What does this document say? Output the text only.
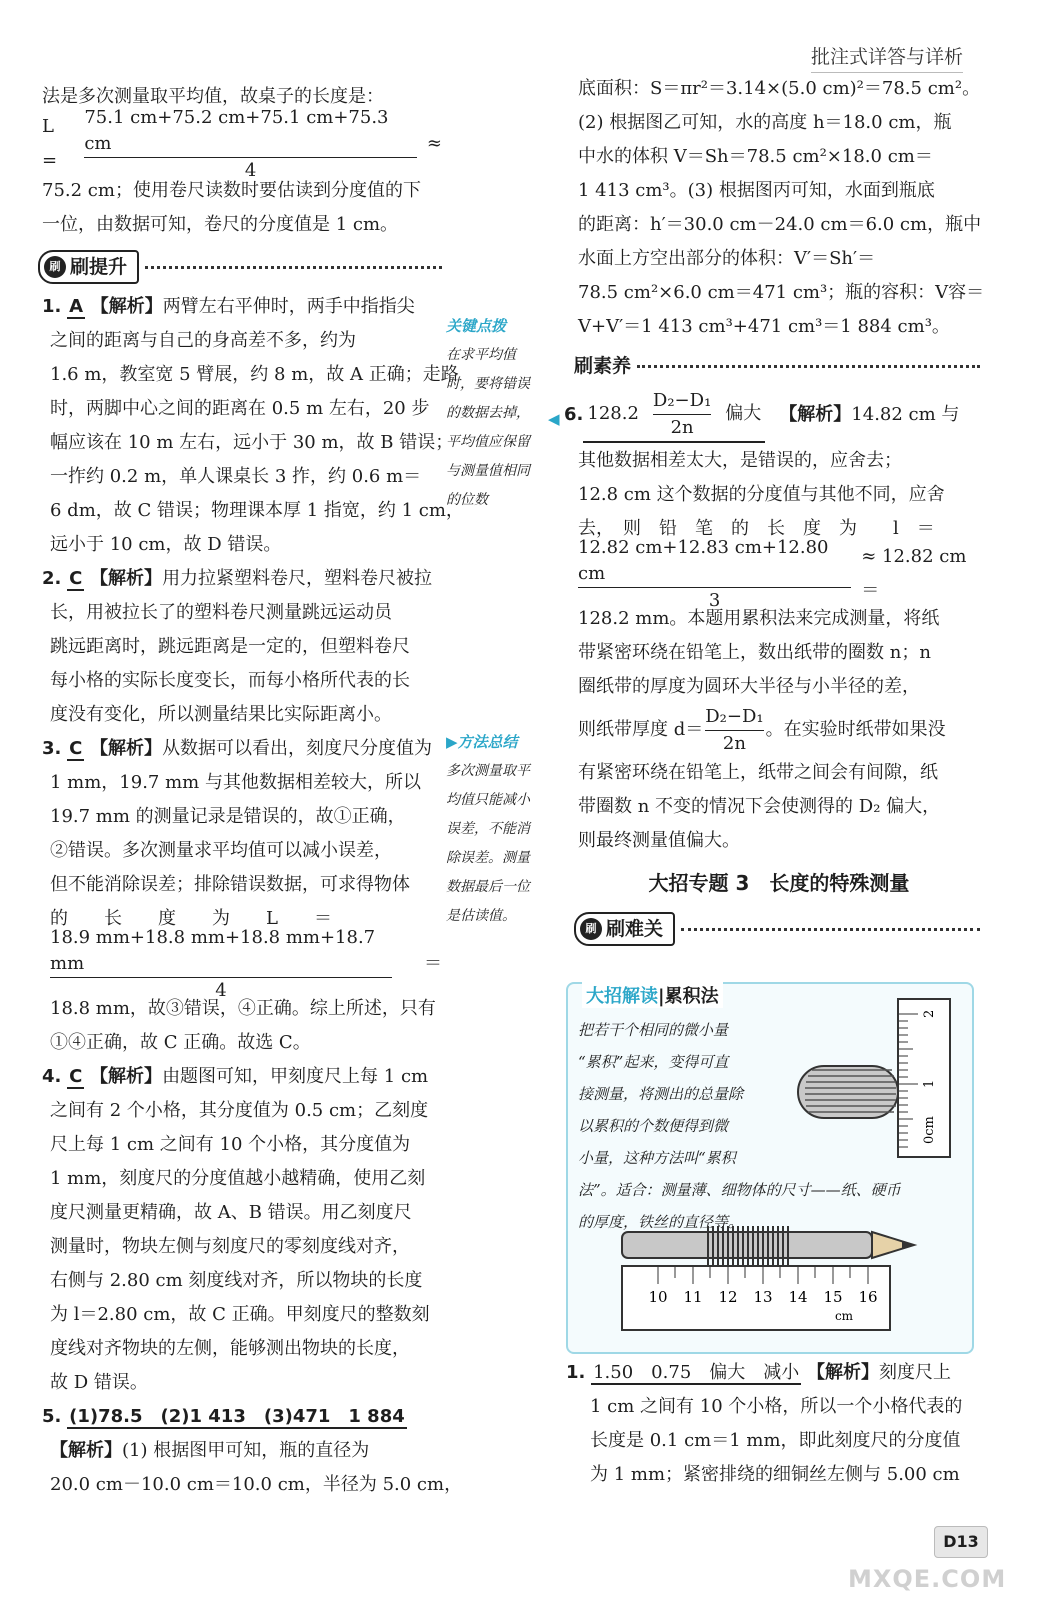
批注式详答与详析

法是多次测量取平均值，故桌子的长度是：

L =	$\frac{75.1 cm+75.2 cm+75.1 cm+75.3 cm}{4}$ ≈

75.2 cm；使用卷尺读数时要估读到分度值的下

一位，由数据可知，卷尺的分度值是 1 cm。

刷 刷提升

1. A 【解析】两臂左右平伸时，两手中指指尖

之间的距离与自己的身高差不多，约为

1.6 m，教室宽 5 臂展，约 8 m，故 A 正确；走路

时，两脚中心之间的距离在 0.5 m 左右，20 步

幅应该在 10 m 左右，远小于 30 m，故 B 错误；

一拃约 0.2 m，单人课桌长 3 拃，约 0.6 m＝

6 dm，故 C 错误；物理课本厚 1 指宽，约 1 cm，

远小于 10 cm，故 D 错误。

2. C 【解析】用力拉紧塑料卷尺，塑料卷尺被拉

长，用被拉长了的塑料卷尺测量跳远运动员

跳远距离时，跳远距离是一定的，但塑料卷尺

每小格的实际长度变长，而每小格所代表的长

度没有变化，所以测量结果比实际距离小。

3. C 【解析】从数据可以看出，刻度尺分度值为

1 mm，19.7 mm 与其他数据相差较大，所以

19.7 mm 的测量记录是错误的，故①正确，

②错误。多次测量求平均值可以减小误差，

但不能消除误差；排除错误数据，可求得物体

的　　长　　度　　为　　L　　＝

$\frac{18.9 mm+18.8 mm+18.8 mm+18.7 mm}{4}$ ＝

18.8 mm，故③错误，④正确。综上所述，只有

①④正确，故 C 正确。故选 C。

4. C 【解析】由题图可知，甲刻度尺上每 1 cm

之间有 2 个小格，其分度值为 0.5 cm；乙刻度

尺上每 1 cm 之间有 10 个小格，其分度值为

1 mm，刻度尺的分度值越小越精确，使用乙刻

度尺测量更精确，故 A、B 错误。用乙刻度尺

测量时，物块左侧与刻度尺的零刻度线对齐，

右侧与 2.80 cm 刻度线对齐，所以物块的长度

为 l＝2.80 cm，故 C 正确。甲刻度尺的整数刻

度线对齐物块的左侧，能够测出物块的长度，

故 D 错误。

5. (1)78.5　(2)1 413　(3)471　1 884

【解析】(1) 根据图甲可知，瓶的直径为

20.0 cm－10.0 cm＝10.0 cm，半径为 5.0 cm，

关键点拨
在求平均值
时，要将错误
的数据去掉，
平均值应保留
与测量值相同
的位数
◀
▶方法总结
多次测量取平
均值只能减小
误差，不能消
除误差。测量
数据最后一位
是估读值。

底面积：S＝πr²＝3.14×(5.0 cm)²＝78.5 cm²。

(2) 根据图乙可知，水的高度 h＝18.0 cm，瓶

中水的体积 V＝Sh＝78.5 cm²×18.0 cm＝

1 413 cm³。(3) 根据图丙可知，水面到瓶底

的距离：h′＝30.0 cm－24.0 cm＝6.0 cm，瓶中

水面上方空出部分的体积：V′＝Sh′＝

78.5 cm²×6.0 cm＝471 cm³；瓶的容积：V容＝

V+V′＝1 413 cm³+471 cm³＝1 884 cm³。

刷素养
6. $128.2 \frac{\text{D₂−D₁}}{2n}$ 偏大 【解析】 14.82 cm 与

其他数据相差太大，是错误的，应舍去；

12.8 cm 这个数据的分度值与其他不同，应舍

去，　则　铅　笔　的　长　度　为　　l　＝

$\frac{12.82 cm+12.83 cm+12.80 cm}{3} \approx 12.82$ cm＝

128.2 mm。本题用累积法来完成测量，将纸

带紧密环绕在铅笔上，数出纸带的圈数 n；n

圈纸带的厚度为圆环大半径与小半径的差，

则纸带厚度 $d= \frac{\text{D₂−D₁}}{2n}$ 。在实验时纸带如果没

有紧密环绕在铅笔上，纸带之间会有间隙，纸

带圈数 n 不变的情况下会使测得的 D₂ 偏大，

则最终测量值偏大。

大招专题 3　长度的特殊测量
刷 刷难关
大招解读|累积法

把若干个相同的微小量

“累积”起来，变得可直

接测量，将测出的总量除

以累积的个数便得到微

小量，这种方法叫“累积

法”。适合：测量薄、细物体的尺寸——纸、硬币

的厚度，铁丝的直径等。

0cm
1
2
10 11 12 13 14 15 16
cm

1. 1.50　0.75　偏大　减小 【解析】刻度尺上

1 cm 之间有 10 个小格，所以一个小格代表的

长度是 0.1 cm＝1 mm，即此刻度尺的分度值

为 1 mm；紧密排绕的细铜丝左侧与 5.00 cm

D13
MXQE.COM
